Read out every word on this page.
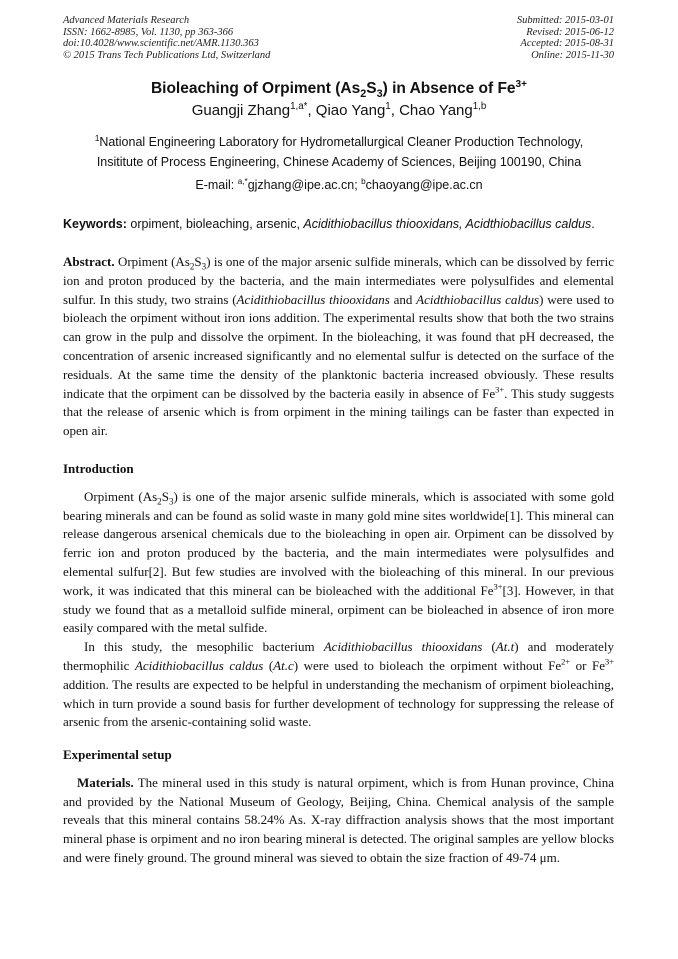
Advanced Materials Research
ISSN: 1662-8985, Vol. 1130, pp 363-366
doi:10.4028/www.scientific.net/AMR.1130.363
© 2015 Trans Tech Publications Ltd, Switzerland
Submitted: 2015-03-01
Revised: 2015-06-12
Accepted: 2015-08-31
Online: 2015-11-30
Bioleaching of Orpiment $(As_2S_3)$ in Absence of $Fe^{3+}$
Guangji Zhang$^{1,a*}$, Qiao Yang$^1$, Chao Yang$^{1,b}$
$^1$National Engineering Laboratory for Hydrometallurgical Cleaner Production Technology,
Insititute of Process Engineering, Chinese Academy of Sciences, Beijing 100190, China
E-mail: $^{a,*}$gjzhang@ipe.ac.cn; $^b$chaoyang@ipe.ac.cn
Keywords: orpiment, bioleaching, arsenic, Acidithiobacillus thiooxidans, Acidthiobacillus caldus.

Abstract. Orpiment $(As_2S_3)$ is one of the major arsenic sulfide minerals, which can be dissolved by ferric ion and proton produced by the bacteria, and the main intermediates were polysulfides and elemental sulfur. In this study, two strains (Acidithiobacillus thiooxidans and Acidthiobacillus caldus) were used to bioleach the orpiment without iron ions addition. The experimental results show that both the two strains can grow in the pulp and dissolve the orpiment. In the bioleaching, it was found that pH decreased, the concentration of arsenic increased significantly and no elemental sulfur is detected on the surface of the residuals. At the same time the density of the planktonic bacteria increased obviously. These results indicate that the orpiment can be dissolved by the bacteria easily in absence of $Fe^{3+}$. This study suggests that the release of arsenic which is from orpiment in the mining tailings can be faster than expected in open air.

Introduction

Orpiment $(As_2S_3)$ is one of the major arsenic sulfide minerals, which is associated with some gold bearing minerals and can be found as solid waste in many gold mine sites worldwide[1]. This mineral can release dangerous arsenical chemicals due to the bioleaching in open air. Orpiment can be dissolved by ferric ion and proton produced by the bacteria, and the main intermediates were polysulfides and elemental sulfur[2]. But few studies are involved with the bioleaching of this mineral. In our previous work, it was indicated that this mineral can be bioleached with the additional $Fe^{3+}[3]$. However, in that study we found that as a metalloid sulfide mineral, orpiment can be bioleached in absence of iron more easily compared with the metal sulfide.

In this study, the mesophilic bacterium Acidithiobacillus thiooxidans (At.t) and moderately thermophilic Acidithiobacillus caldus (At.c) were used to bioleach the orpiment without $Fe^{2+}$ or $Fe^{3+}$ addition. The results are expected to be helpful in understanding the mechanism of orpiment bioleaching, which in turn provide a sound basis for further development of technology for suppressing the release of arsenic from the arsenic-containing solid waste.

Experimental setup

Materials. The mineral used in this study is natural orpiment, which is from Hunan province, China and provided by the National Museum of Geology, Beijing, China. Chemical analysis of the sample reveals that this mineral contains 58.24% As. X-ray diffraction analysis shows that the most important mineral phase is orpiment and no iron bearing mineral is detected. The original samples are yellow blocks and were finely ground. The ground mineral was sieved to obtain the size fraction of 49-74 μm.
